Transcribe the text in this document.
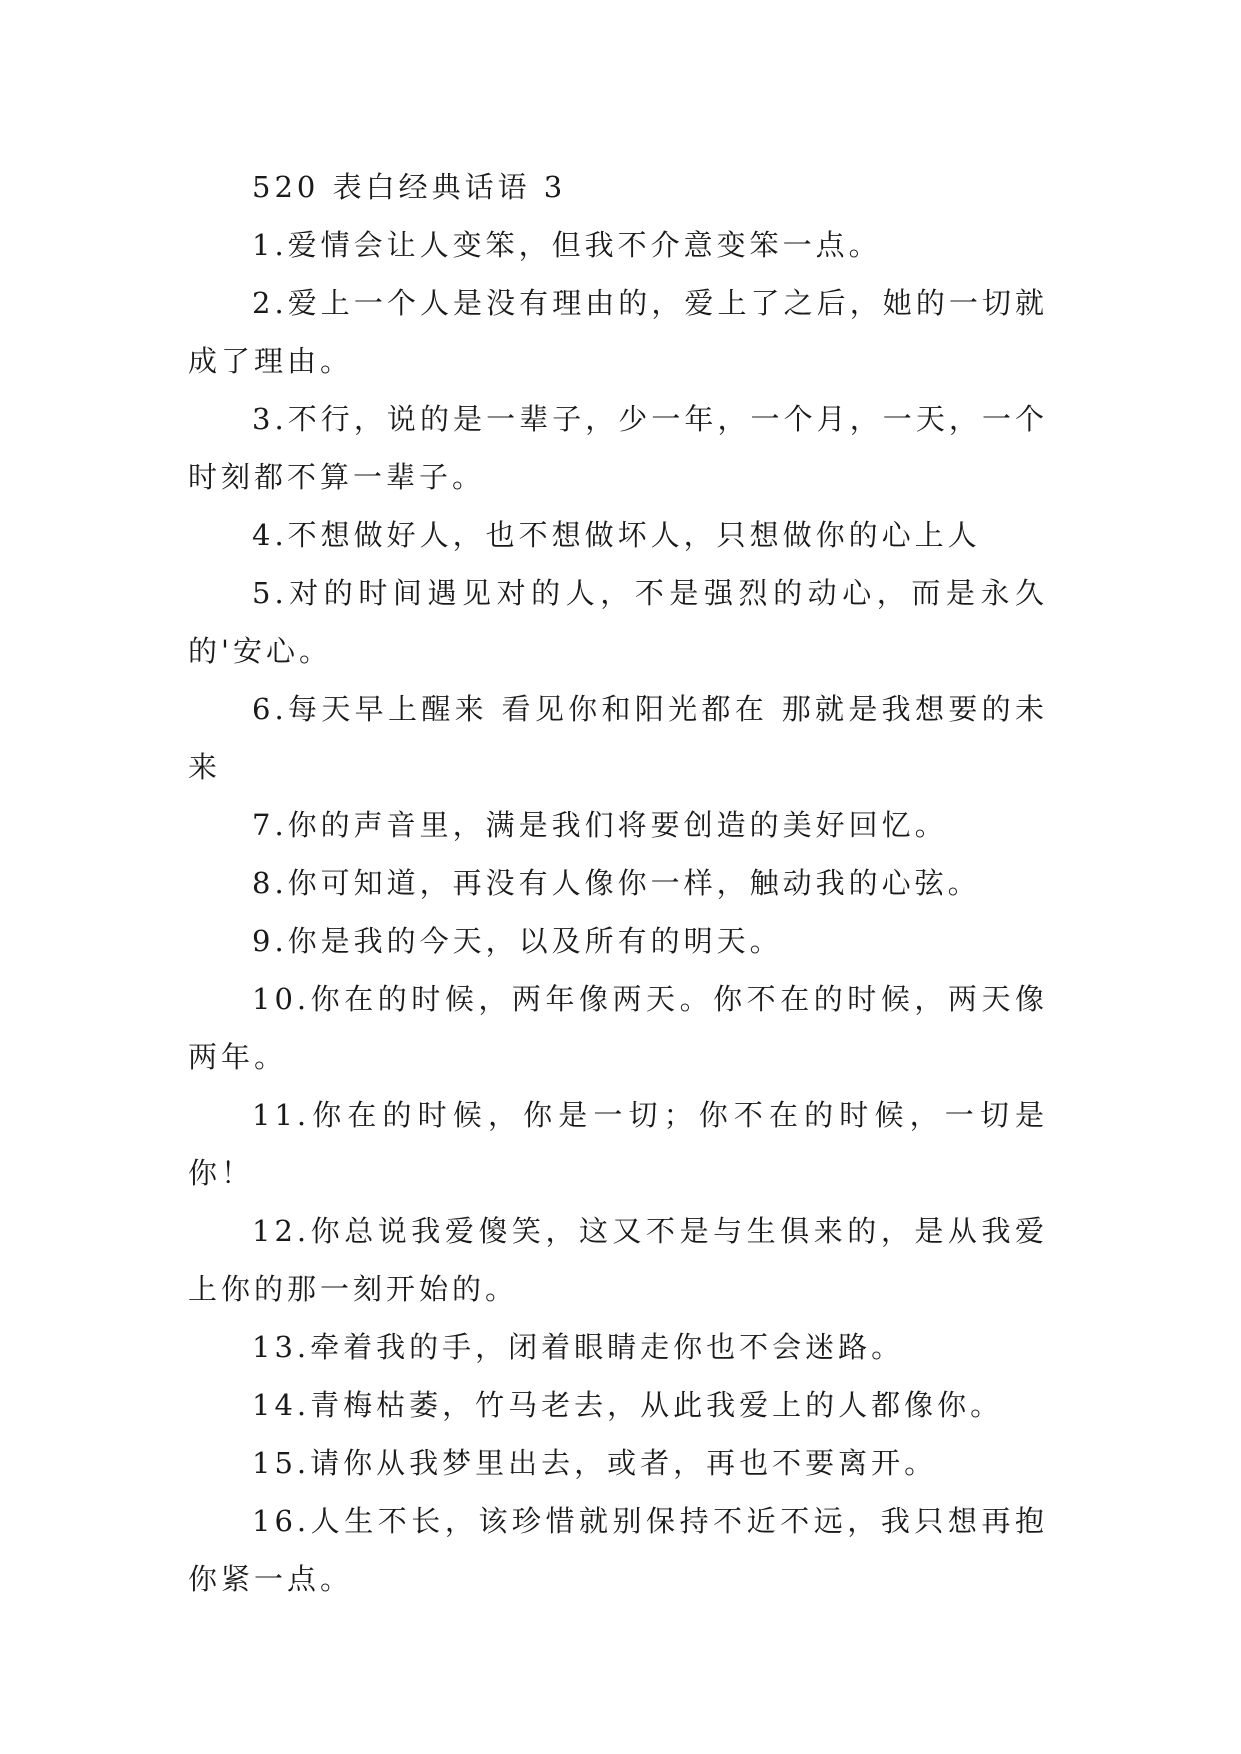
520 表白经典话语 3

1.爱情会让人变笨，但我不介意变笨一点。

2.爱上一个人是没有理由的，爱上了之后，她的一切就成了理由。

3.不行，说的是一辈子，少一年，一个月，一天，一个时刻都不算一辈子。

4.不想做好人，也不想做坏人，只想做你的心上人

5.对的时间遇见对的人，不是强烈的动心，而是永久的'安心。

6.每天早上醒来 看见你和阳光都在 那就是我想要的未来

7.你的声音里，满是我们将要创造的美好回忆。

8.你可知道，再没有人像你一样，触动我的心弦。

9.你是我的今天，以及所有的明天。

10.你在的时候，两年像两天。你不在的时候，两天像两年。

11.你在的时候，你是一切；你不在的时候，一切是你！

12.你总说我爱傻笑，这又不是与生俱来的，是从我爱上你的那一刻开始的。

13.牵着我的手，闭着眼睛走你也不会迷路。

14.青梅枯萎，竹马老去，从此我爱上的人都像你。

15.请你从我梦里出去，或者，再也不要离开。

16.人生不长，该珍惜就别保持不近不远，我只想再抱你紧一点。
